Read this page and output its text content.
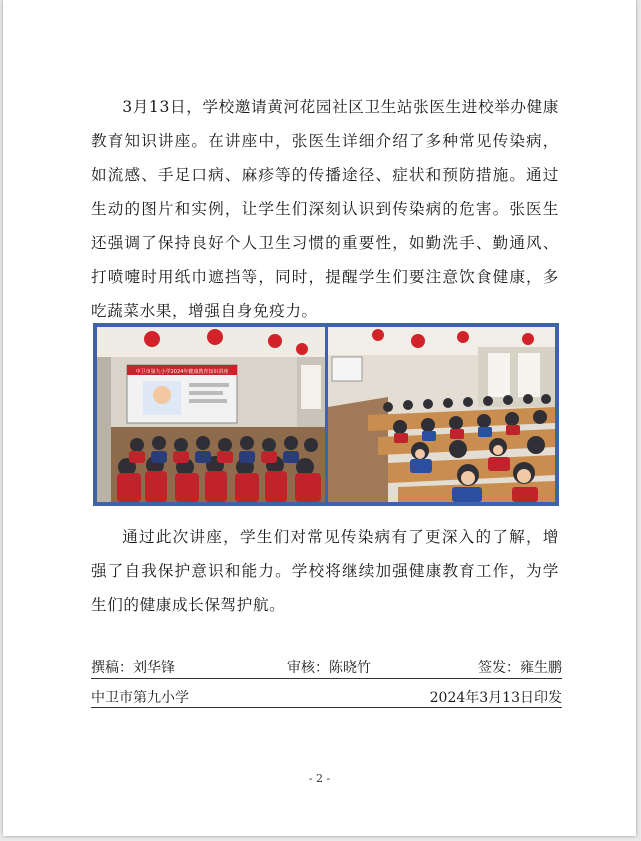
3月13日，学校邀请黄河花园社区卫生站张医生进校举办健康教育知识讲座。在讲座中，张医生详细介绍了多种常见传染病，如流感、手足口病、麻疹等的传播途径、症状和预防措施。通过生动的图片和实例，让学生们深刻认识到传染病的危害。张医生还强调了保持良好个人卫生习惯的重要性，如勤洗手、勤通风、打喷嚏时用纸巾遮挡等，同时，提醒学生们要注意饮食健康，多吃蔬菜水果，增强自身免疫力。

中卫市第九小学2024年健康教育知识讲座

通过此次讲座，学生们对常见传染病有了更深入的了解，增强了自我保护意识和能力。学校将继续加强健康教育工作，为学生们的健康成长保驾护航。

撰稿：刘华锋	审核：陈晓竹	签发：雍生鹏
中卫市第九小学	2024年3月13日印发
- 2 -
